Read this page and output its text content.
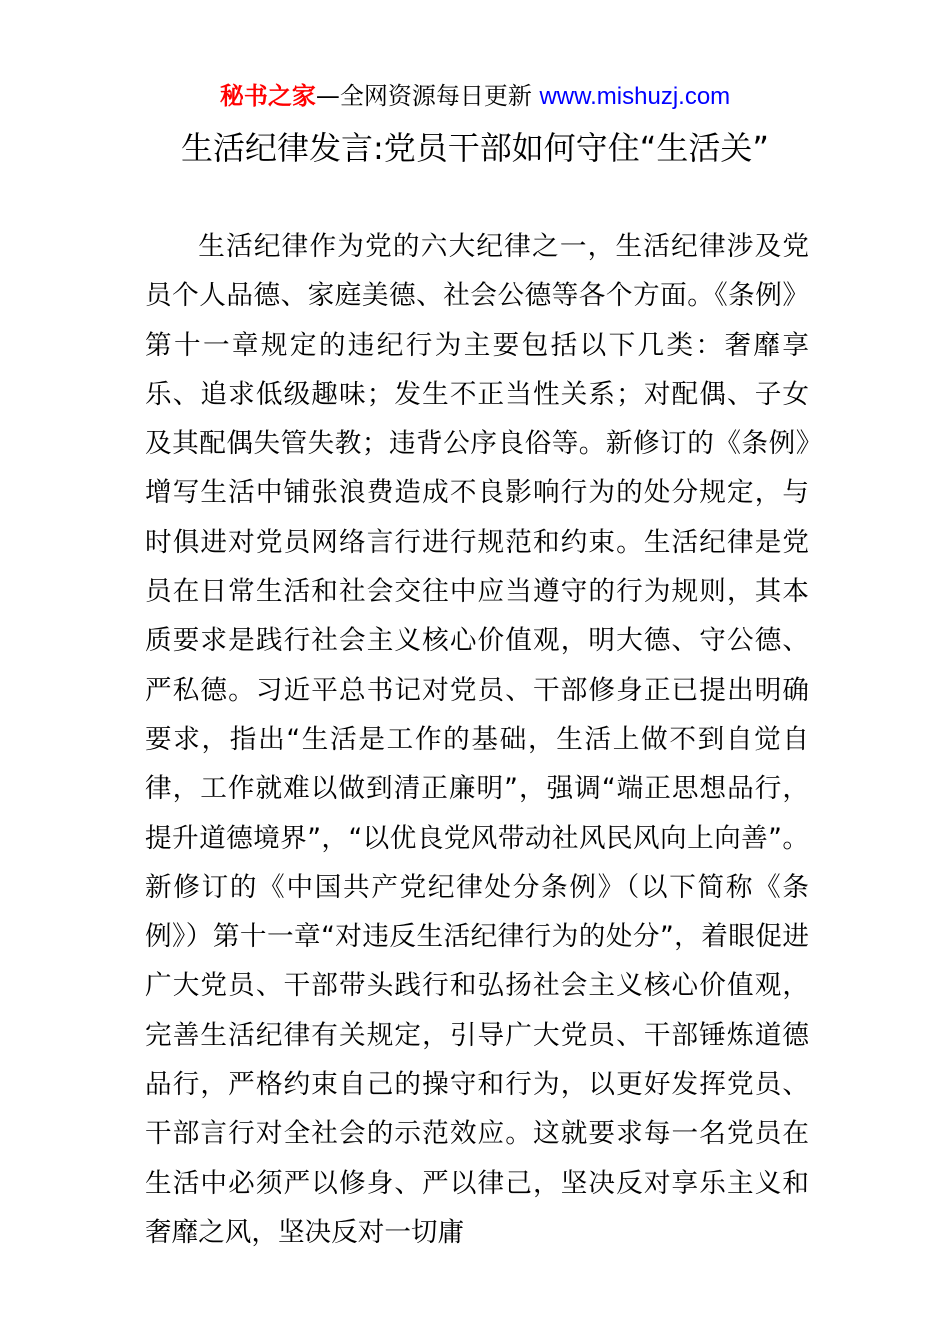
秘书之家—全网资源每日更新 www.mishuzj.com
生活纪律发言:党员干部如何守住“生活关”

生活纪律作为党的六大纪律之一，生活纪律涉及党员个人品德、家庭美德、社会公德等各个方面。《条例》第十一章规定的违纪行为主要包括以下几类：奢靡享乐、追求低级趣味；发生不正当性关系；对配偶、子女及其配偶失管失教；违背公序良俗等。新修订的《条例》增写生活中铺张浪费造成不良影响行为的处分规定，与时俱进对党员网络言行进行规范和约束。生活纪律是党员在日常生活和社会交往中应当遵守的行为规则，其本质要求是践行社会主义核心价值观，明大德、守公德、严私德。习近平总书记对党员、干部修身正已提出明确要求，指出“生活是工作的基础，生活上做不到自觉自律，工作就难以做到清正廉明”，强调“端正思想品行，提升道德境界”，“以优良党风带动社风民风向上向善”。新修订的《中国共产党纪律处分条例》（以下简称《条例》）第十一章“对违反生活纪律行为的处分”，着眼促进广大党员、干部带头践行和弘扬社会主义核心价值观，完善生活纪律有关规定，引导广大党员、干部锤炼道德品行，严格约束自己的操守和行为，以更好发挥党员、干部言行对全社会的示范效应。这就要求每一名党员在生活中必须严以修身、严以律己，坚决反对享乐主义和奢靡之风，坚决反对一切庸
